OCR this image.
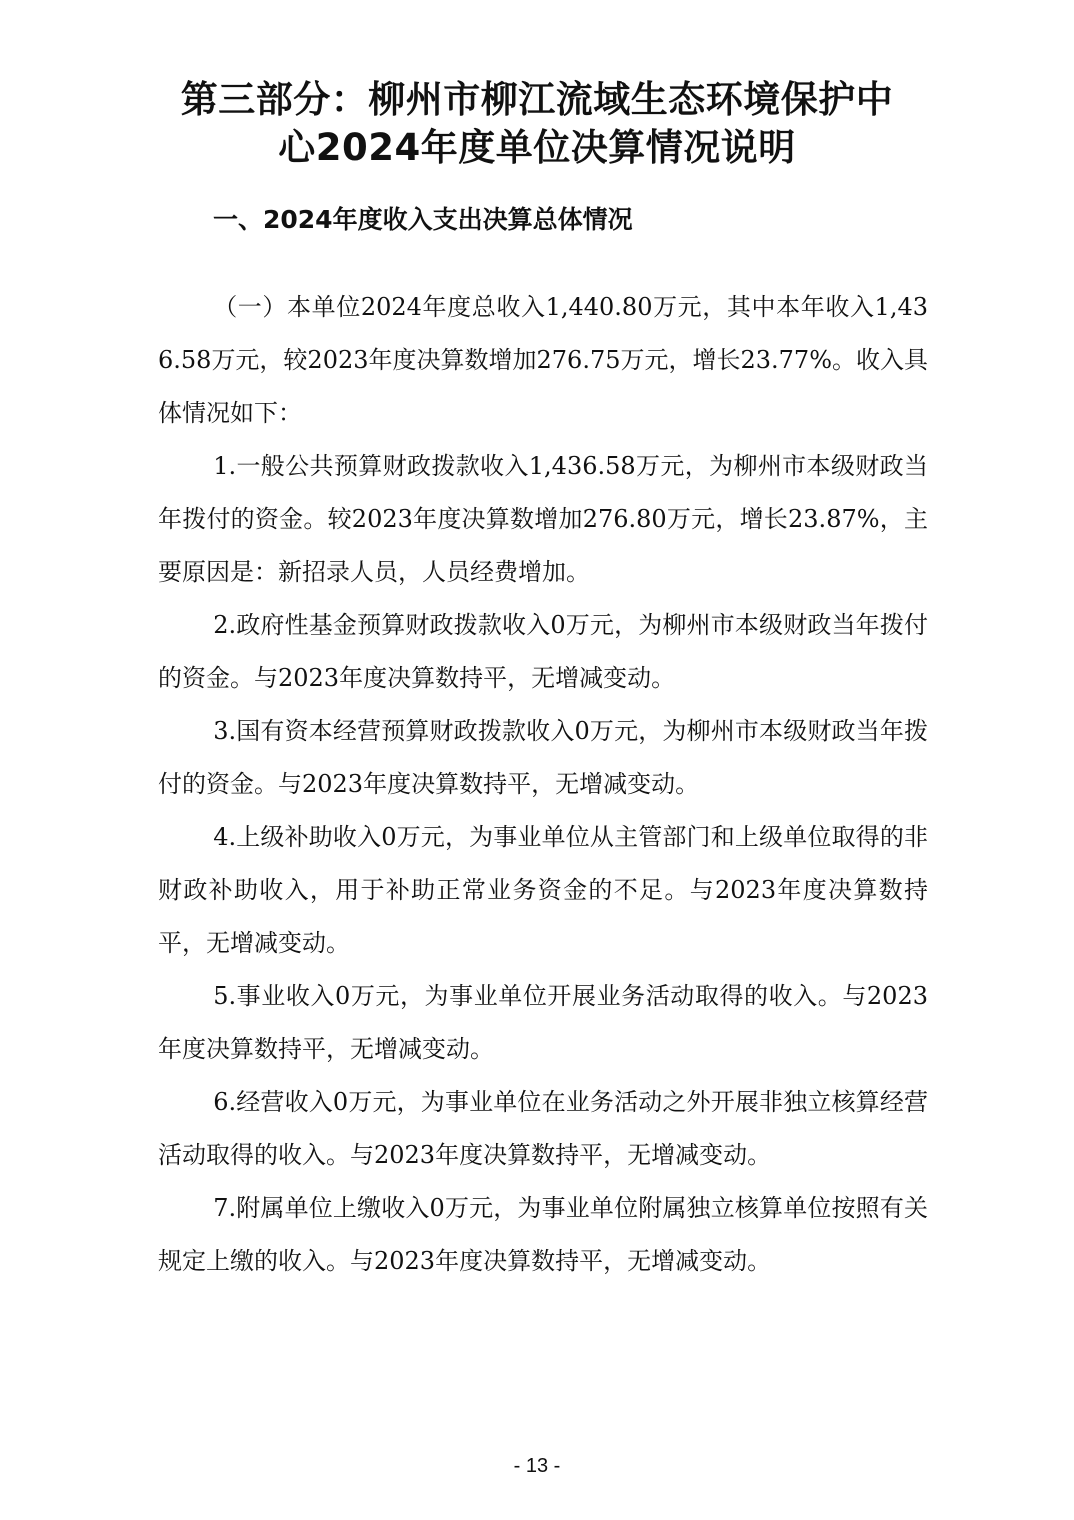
第三部分：柳州市柳江流域生态环境保护中
心2024年度单位决算情况说明
一、2024年度收入支出决算总体情况

（一）本单位2024年度总收入1,440.80万元，其中本年收入1,436.58万元，较2023年度决算数增加276.75万元，增长23.77%。收入具体情况如下：

1.一般公共预算财政拨款收入1,436.58万元，为柳州市本级财政当年拨付的资金。较2023年度决算数增加276.80万元，增长23.87%，主要原因是：新招录人员，人员经费增加。

2.政府性基金预算财政拨款收入0万元，为柳州市本级财政当年拨付的资金。与2023年度决算数持平，无增减变动。

3.国有资本经营预算财政拨款收入0万元，为柳州市本级财政当年拨付的资金。与2023年度决算数持平，无增减变动。

4.上级补助收入0万元，为事业单位从主管部门和上级单位取得的非财政补助收入，用于补助正常业务资金的不足。与2023年度决算数持平，无增减变动。

5.事业收入0万元，为事业单位开展业务活动取得的收入。与2023年度决算数持平，无增减变动。

6.经营收入0万元，为事业单位在业务活动之外开展非独立核算经营活动取得的收入。与2023年度决算数持平，无增减变动。

7.附属单位上缴收入0万元，为事业单位附属独立核算单位按照有关规定上缴的收入。与2023年度决算数持平，无增减变动。

- 13 -
